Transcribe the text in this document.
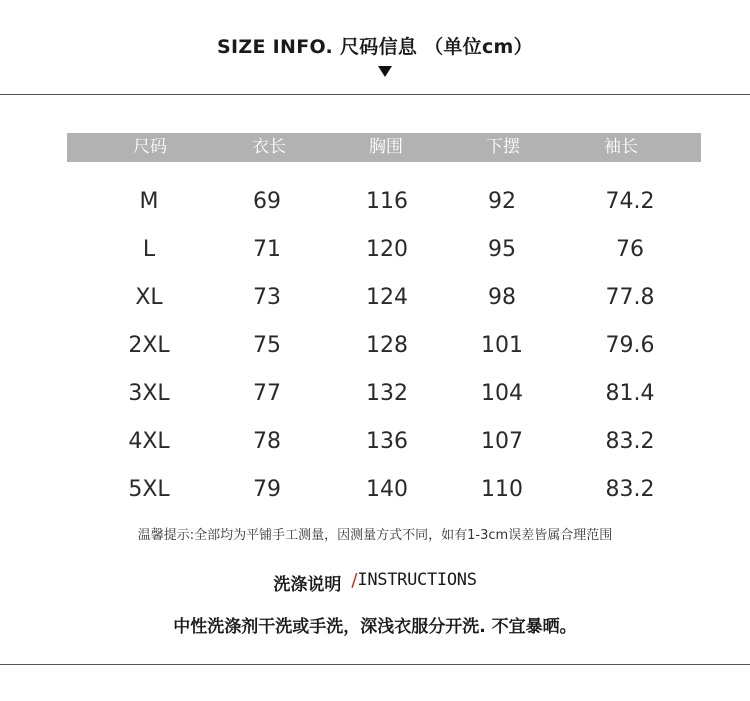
SIZE INFO. 尺码信息 （单位cm）
尺码	衣长	胸围	下摆	袖长
M	69	116	92	74.2
L	71	120	95	76
XL	73	124	98	77.8
2XL	75	128	101	79.6
3XL	77	132	104	81.4
4XL	78	136	107	83.2
5XL	79	140	110	83.2
温馨提示:全部均为平铺手工测量，因测量方式不同，如有1-3cm误差皆属合理范围
洗涤说明 /INSTRUCTIONS
中性洗涤剂干洗或手洗，深浅衣服分开洗. 不宜暴晒。
